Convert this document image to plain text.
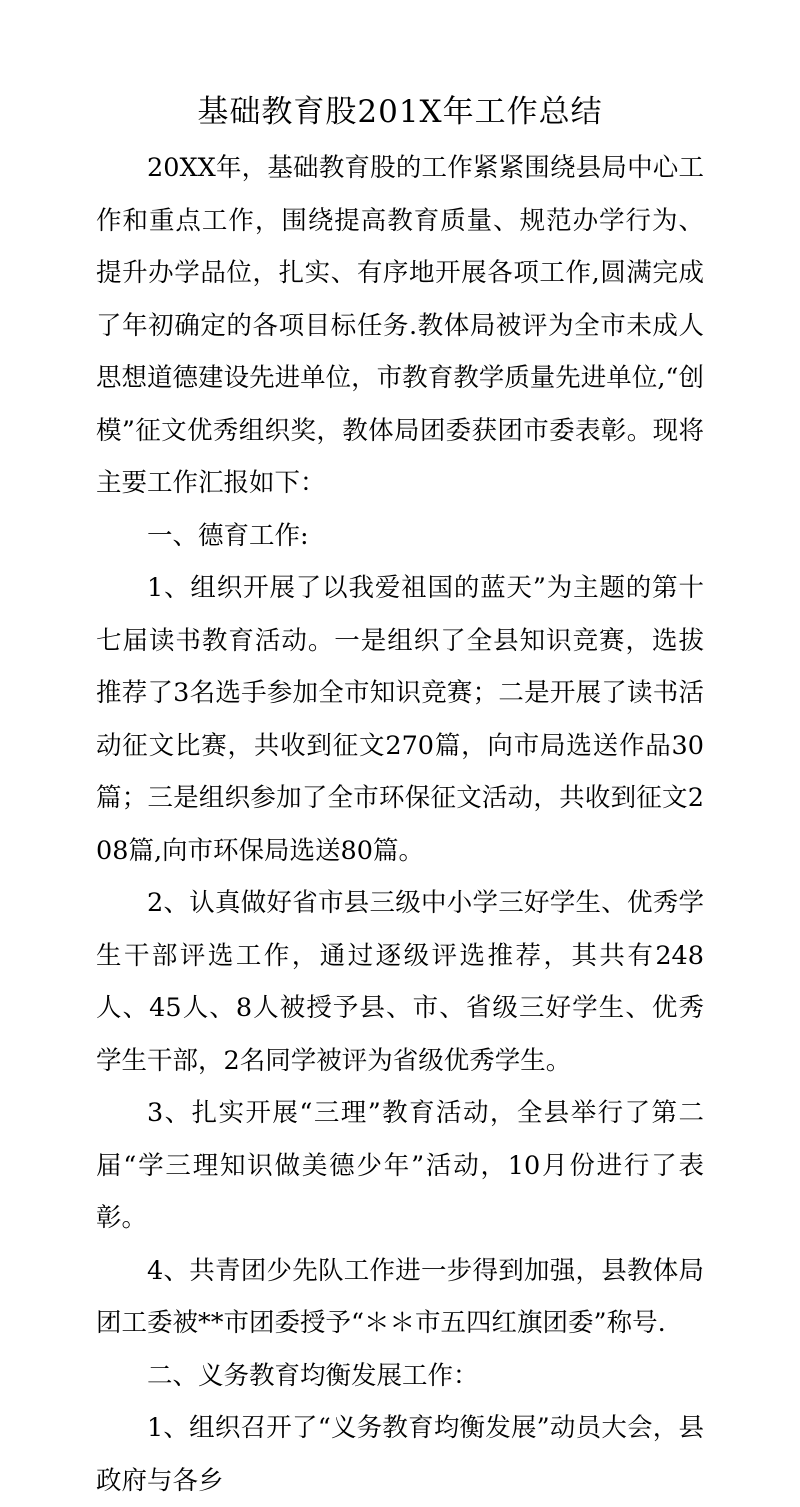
基础教育股201X年工作总结

20XX年，基础教育股的工作紧紧围绕县局中心工作和重点工作，围绕提高教育质量、规范办学行为、提升办学品位，扎实、有序地开展各项工作,圆满完成了年初确定的各项目标任务.教体局被评为全市未成人思想道德建设先进单位，市教育教学质量先进单位,“创模”征文优秀组织奖，教体局团委获团市委表彰。现将主要工作汇报如下：

一、德育工作:

1、组织开展了以我爱祖国的蓝天”为主题的第十七届读书教育活动。一是组织了全县知识竞赛，选拔推荐了3名选手参加全市知识竞赛；二是开展了读书活动征文比赛，共收到征文270篇，向市局选送作品30篇；三是组织参加了全市环保征文活动，共收到征文208篇,向市环保局选送80篇。

2、认真做好省市县三级中小学三好学生、优秀学生干部评选工作，通过逐级评选推荐，其共有248人、45人、8人被授予县、市、省级三好学生、优秀学生干部，2名同学被评为省级优秀学生。

3、扎实开展“三理”教育活动，全县举行了第二届“学三理知识做美德少年”活动，10月份进行了表彰。

4、共青团少先队工作进一步得到加强，县教体局团工委被**市团委授予“＊＊市五四红旗团委”称号.

二、义务教育均衡发展工作：

1、组织召开了“义务教育均衡发展”动员大会，县政府与各乡
